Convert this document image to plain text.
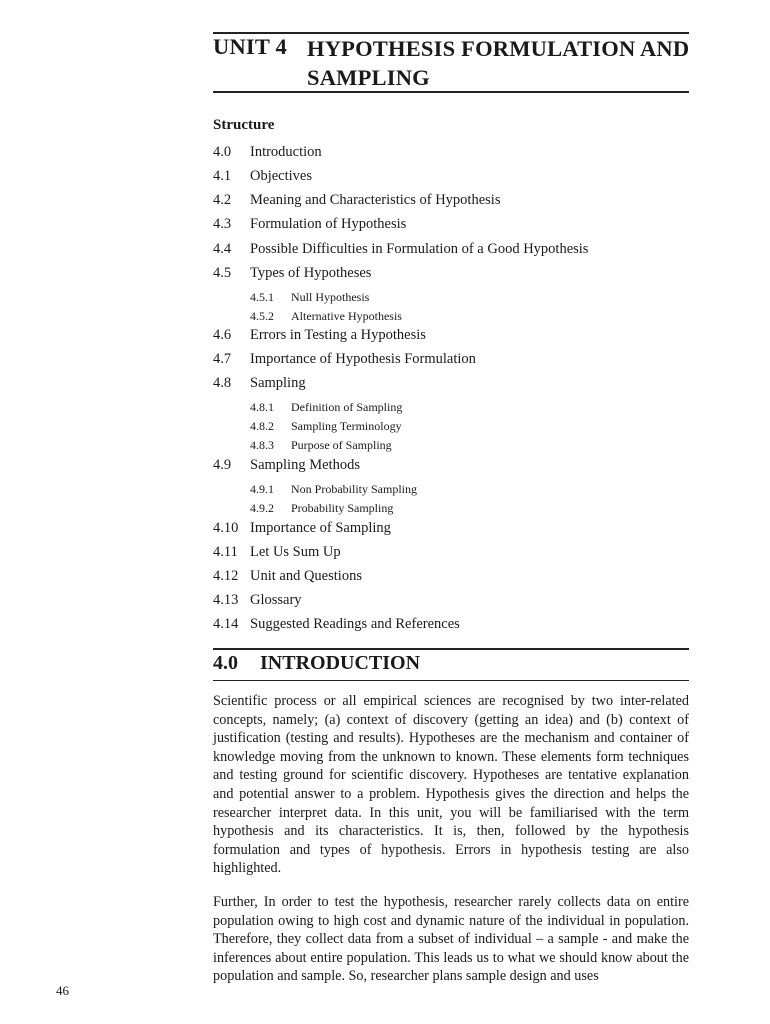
UNIT 4 HYPOTHESIS FORMULATION AND SAMPLING
Structure
4.0 Introduction
4.1 Objectives
4.2 Meaning and Characteristics of Hypothesis
4.3 Formulation of Hypothesis
4.4 Possible Difficulties in Formulation of a Good Hypothesis
4.5 Types of Hypotheses
4.5.1 Null Hypothesis
4.5.2 Alternative Hypothesis
4.6 Errors in Testing a Hypothesis
4.7 Importance of Hypothesis Formulation
4.8 Sampling
4.8.1 Definition of Sampling
4.8.2 Sampling Terminology
4.8.3 Purpose of Sampling
4.9 Sampling Methods
4.9.1 Non Probability Sampling
4.9.2 Probability Sampling
4.10 Importance of Sampling
4.11 Let Us Sum Up
4.12 Unit and Questions
4.13 Glossary
4.14 Suggested Readings and References
4.0 INTRODUCTION

Scientific process or all empirical sciences are recognised by two inter-related concepts, namely; (a) context of discovery (getting an idea) and (b) context of justification (testing and results). Hypotheses are the mechanism and container of knowledge moving from the unknown to known. These elements form techniques and testing ground for scientific discovery. Hypotheses are tentative explanation and potential answer to a problem. Hypothesis gives the direction and helps the researcher interpret data. In this unit, you will be familiarised with the term hypothesis and its characteristics. It is, then, followed by the hypothesis formulation and types of hypothesis. Errors in hypothesis testing are also highlighted.

Further, In order to test the hypothesis, researcher rarely collects data on entire population owing to high cost and dynamic nature of the individual in population. Therefore, they collect data from a subset of individual – a sample - and make the inferences about entire population. This leads us to what we should know about the population and sample. So, researcher plans sample design and uses

46
